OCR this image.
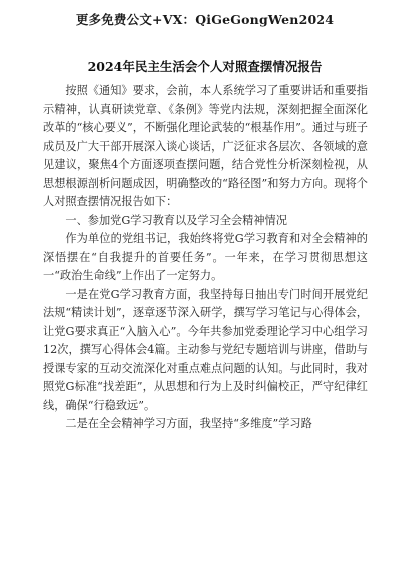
更多免费公文+VX：QiGeGongWen2024
2024年民主生活会个人对照查摆情况报告

按照《通知》要求，会前，本人系统学习了重要讲话和重要指示精神，认真研读党章、《条例》等党内法规，深刻把握全面深化改革的“核心要义”，不断强化理论武装的“根基作用”。通过与班子成员及广大干部开展深入谈心谈话，广泛征求各层次、各领域的意见建议，聚焦4个方面逐项查摆问题，结合党性分析深刻检视，从思想根源剖析问题成因，明确整改的“路径图”和努力方向。现将个人对照查摆情况报告如下：

一、参加党G学习教育以及学习全会精神情况

作为单位的党组书记，我始终将党G学习教育和对全会精神的深悟摆在“自我提升的首要任务”。一年来，在学习贯彻思想这一“政治生命线”上作出了一定努力。

一是在党G学习教育方面，我坚持每日抽出专门时间开展党纪法规“精读计划”，逐章逐节深入研学，撰写学习笔记与心得体会，让党G要求真正“入脑入心”。今年共参加党委理论学习中心组学习12次，撰写心得体会4篇。主动参与党纪专题培训与讲座，借助与授课专家的互动交流深化对重点难点问题的认知。与此同时，我对照党G标准“找差距”，从思想和行为上及时纠偏校正，严守纪律红线，确保“行稳致远”。

二是在全会精神学习方面，我坚持“多维度”学习路
